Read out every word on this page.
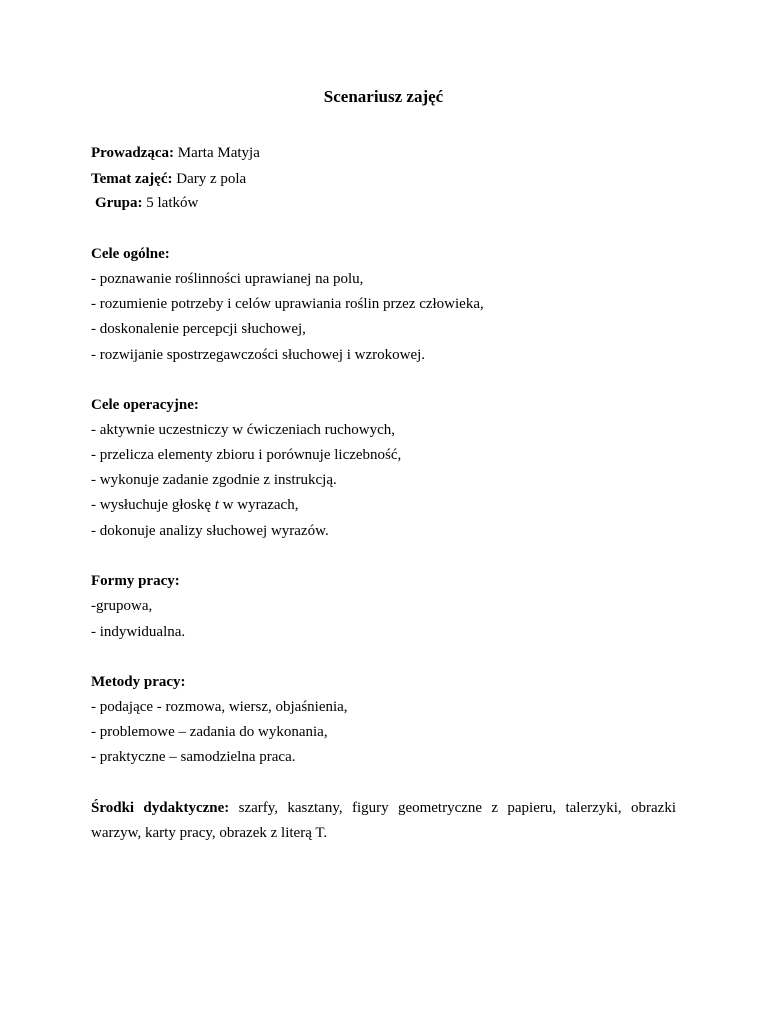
Scenariusz zajęć
Prowadząca: Marta Matyja
Temat zajęć: Dary z pola
Grupa: 5 latków
Cele ogólne:
- poznawanie roślinności uprawianej na polu,
- rozumienie potrzeby i celów uprawiania roślin przez człowieka,
- doskonalenie percepcji słuchowej,
- rozwijanie spostrzegawczości słuchowej i wzrokowej.
Cele operacyjne:
- aktywnie uczestniczy w ćwiczeniach ruchowych,
- przelicza elementy zbioru i porównuje liczebność,
- wykonuje zadanie zgodnie z instrukcją.
- wysłuchuje głoskę t w wyrazach,
- dokonuje analizy słuchowej wyrazów.
Formy pracy:
-grupowa,
- indywidualna.
Metody pracy:
- podające - rozmowa, wiersz, objaśnienia,
- problemowe – zadania do wykonania,
- praktyczne – samodzielna praca.
Środki dydaktyczne: szarfy, kasztany, figury geometryczne z papieru, talerzyki, obrazki warzyw, karty pracy, obrazek z literą T.
